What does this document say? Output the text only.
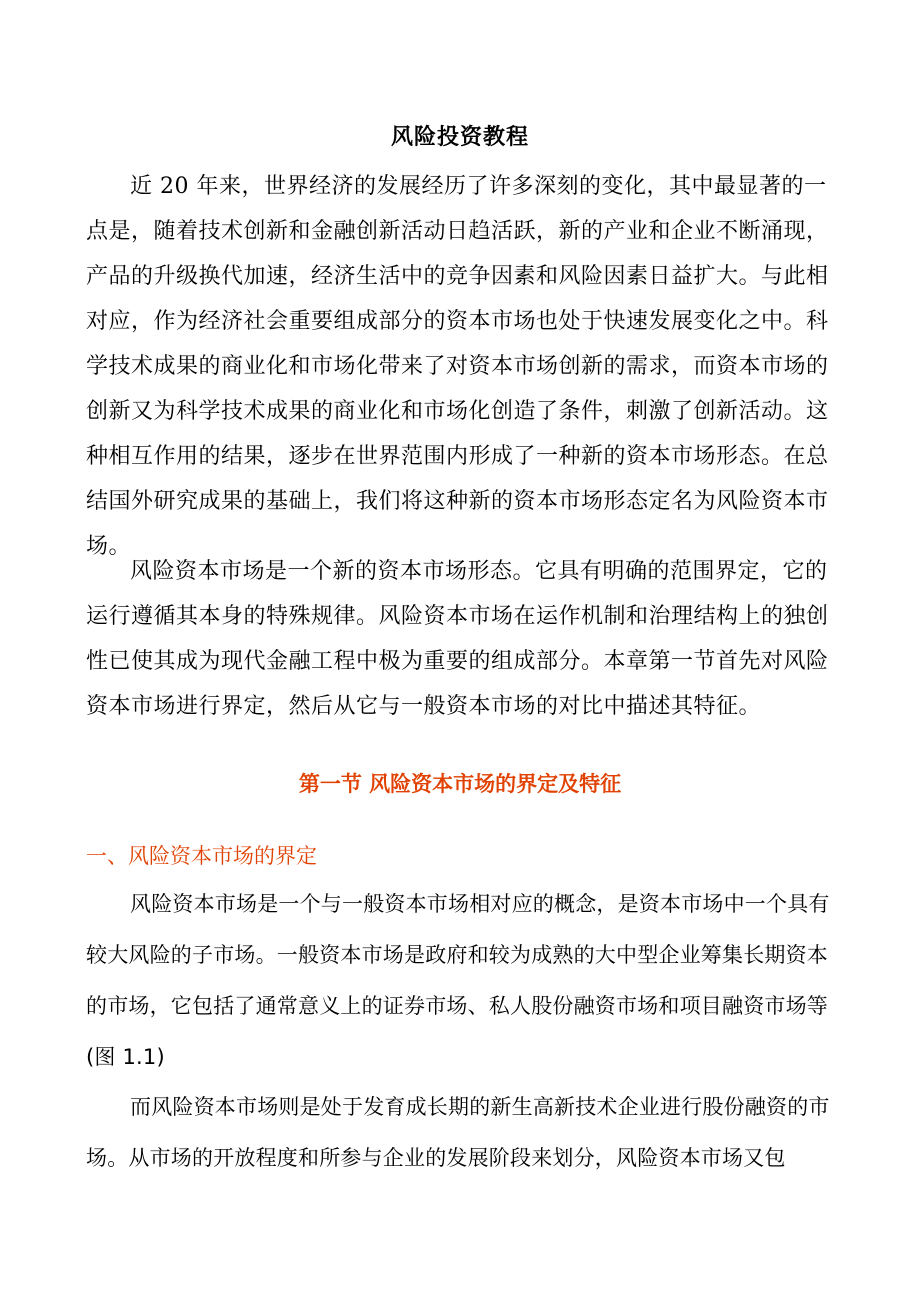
风险投资教程

近 20 年来，世界经济的发展经历了许多深刻的变化，其中最显著的一点是，随着技术创新和金融创新活动日趋活跃，新的产业和企业不断涌现，产品的升级换代加速，经济生活中的竞争因素和风险因素日益扩大。与此相对应，作为经济社会重要组成部分的资本市场也处于快速发展变化之中。科学技术成果的商业化和市场化带来了对资本市场创新的需求，而资本市场的创新又为科学技术成果的商业化和市场化创造了条件，刺激了创新活动。这种相互作用的结果，逐步在世界范围内形成了一种新的资本市场形态。在总结国外研究成果的基础上，我们将这种新的资本市场形态定名为风险资本市场。

风险资本市场是一个新的资本市场形态。它具有明确的范围界定，它的运行遵循其本身的特殊规律。风险资本市场在运作机制和治理结构上的独创性已使其成为现代金融工程中极为重要的组成部分。本章第一节首先对风险资本市场进行界定，然后从它与一般资本市场的对比中描述其特征。

第一节 风险资本市场的界定及特征
一、风险资本市场的界定

风险资本市场是一个与一般资本市场相对应的概念，是资本市场中一个具有较大风险的子市场。一般资本市场是政府和较为成熟的大中型企业筹集长期资本的市场，它包括了通常意义上的证券市场、私人股份融资市场和项目融资市场等(图 1.1)

而风险资本市场则是处于发育成长期的新生高新技术企业进行股份融资的市场。从市场的开放程度和所参与企业的发展阶段来划分，风险资本市场又包
